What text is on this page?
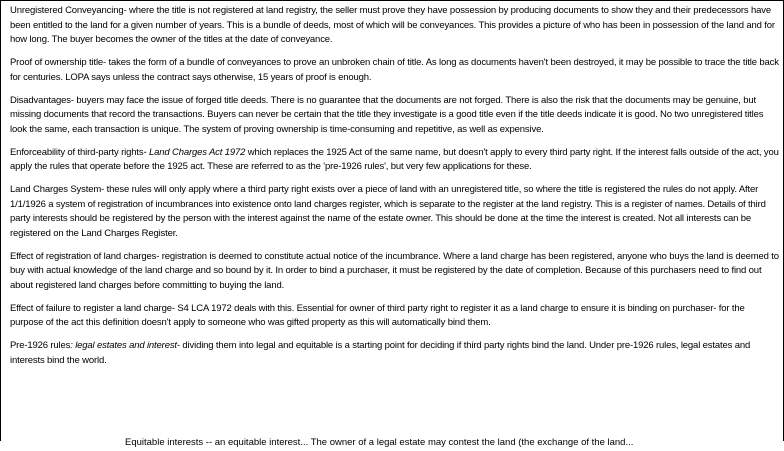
Unregistered Conveyancing- where the title is not registered at land registry, the seller must prove they have possession by producing documents to show they and their predecessors have been entitled to the land for a given number of years. This is a bundle of deeds, most of which will be conveyances. This provides a picture of who has been in possession of the land and for how long. The buyer becomes the owner of the titles at the date of conveyance.

Proof of ownership title- takes the form of a bundle of conveyances to prove an unbroken chain of title. As long as documents haven't been destroyed, it may be possible to trace the title back for centuries. LOPA says unless the contract says otherwise, 15 years of proof is enough.

Disadvantages- buyers may face the issue of forged title deeds. There is no guarantee that the documents are not forged. There is also the risk that the documents may be genuine, but missing documents that record the transactions. Buyers can never be certain that the title they investigate is a good title even if the title deeds indicate it is good. No two unregistered titles look the same, each transaction is unique. The system of proving ownership is time-consuming and repetitive, as well as expensive.

Enforceability of third-party rights- Land Charges Act 1972 which replaces the 1925 Act of the same name, but doesn't apply to every third party right. If the interest falls outside of the act, you apply the rules that operate before the 1925 act. These are referred to as the 'pre-1926 rules', but very few applications for these.

Land Charges System- these rules will only apply where a third party right exists over a piece of land with an unregistered title, so where the title is registered the rules do not apply. After 1/1/1926 a system of registration of incumbrances into existence onto land charges register, which is separate to the register at the land registry. This is a register of names. Details of third party interests should be registered by the person with the interest against the name of the estate owner. This should be done at the time the interest is created. Not all interests can be registered on the Land Charges Register.

Effect of registration of land charges- registration is deemed to constitute actual notice of the incumbrance. Where a land charge has been registered, anyone who buys the land is deemed to buy with actual knowledge of the land charge and so bound by it. In order to bind a purchaser, it must be registered by the date of completion. Because of this purchasers need to find out about registered land charges before committing to buying the land.

Effect of failure to register a land charge- S4 LCA 1972 deals with this. Essential for owner of third party right to register it as a land charge to ensure it is binding on purchaser- for the purpose of the act this definition doesn't apply to someone who was gifted property as this will automatically bind them.

Pre-1926 rules: legal estates and interest- dividing them into legal and equitable is a starting point for deciding if third party rights bind the land. Under pre-1926 rules, legal estates and interests bind the world.

Equitable interests -- an equitable interest... The owner of a legal estate may contest the land (the exchange of the land...
